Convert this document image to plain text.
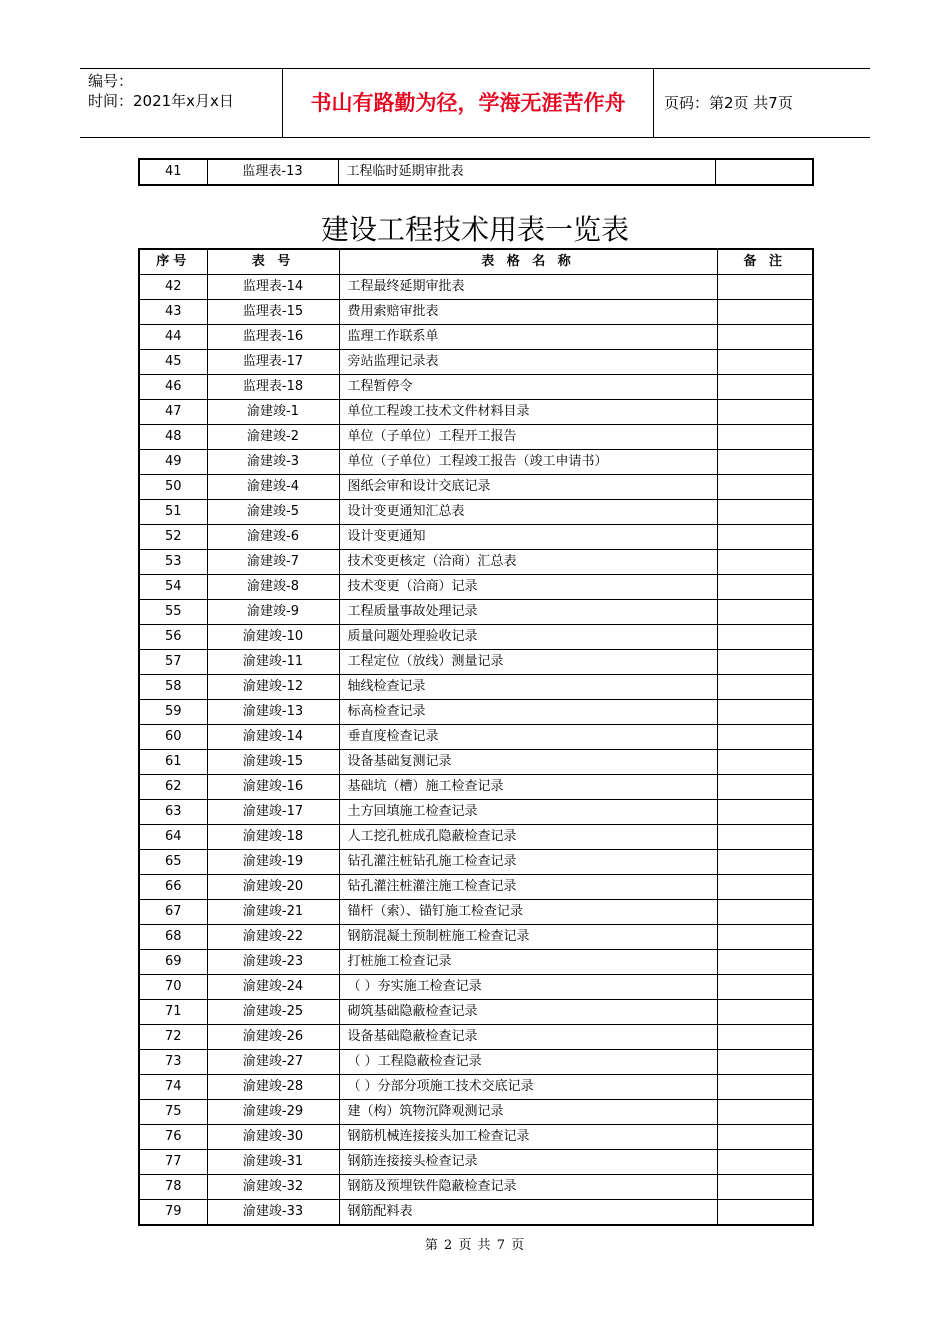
编号：
时间：2021年x月x日	书山有路勤为径，学海无涯苦作舟	页码：第2页 共7页
41	监理表-13	工程临时延期审批表	
建设工程技术用表一览表
序号	表 号	表 格 名 称	备 注
42	监理表-14	工程最终延期审批表	
43	监理表-15	费用索赔审批表	
44	监理表-16	监理工作联系单	
45	监理表-17	旁站监理记录表	
46	监理表-18	工程暂停令	
47	渝建竣-1	单位工程竣工技术文件材料目录	
48	渝建竣-2	单位（子单位）工程开工报告	
49	渝建竣-3	单位（子单位）工程竣工报告（竣工申请书）	
50	渝建竣-4	图纸会审和设计交底记录	
51	渝建竣-5	设计变更通知汇总表	
52	渝建竣-6	设计变更通知	
53	渝建竣-7	技术变更核定（洽商）汇总表	
54	渝建竣-8	技术变更（洽商）记录	
55	渝建竣-9	工程质量事故处理记录	
56	渝建竣-10	质量问题处理验收记录	
57	渝建竣-11	工程定位（放线）测量记录	
58	渝建竣-12	轴线检查记录	
59	渝建竣-13	标高检查记录	
60	渝建竣-14	垂直度检查记录	
61	渝建竣-15	设备基础复测记录	
62	渝建竣-16	基础坑（槽）施工检查记录	
63	渝建竣-17	土方回填施工检查记录	
64	渝建竣-18	人工挖孔桩成孔隐蔽检查记录	
65	渝建竣-19	钻孔灌注桩钻孔施工检查记录	
66	渝建竣-20	钻孔灌注桩灌注施工检查记录	
67	渝建竣-21	锚杆（索）、锚钉施工检查记录	
68	渝建竣-22	钢筋混凝土预制桩施工检查记录	
69	渝建竣-23	打桩施工检查记录	
70	渝建竣-24	（ ）夯实施工检查记录	
71	渝建竣-25	砌筑基础隐蔽检查记录	
72	渝建竣-26	设备基础隐蔽检查记录	
73	渝建竣-27	（ ）工程隐蔽检查记录	
74	渝建竣-28	（ ）分部分项施工技术交底记录	
75	渝建竣-29	建（构）筑物沉降观测记录	
76	渝建竣-30	钢筋机械连接接头加工检查记录	
77	渝建竣-31	钢筋连接接头检查记录	
78	渝建竣-32	钢筋及预埋铁件隐蔽检查记录	
79	渝建竣-33	钢筋配料表	
第 2 页 共 7 页
